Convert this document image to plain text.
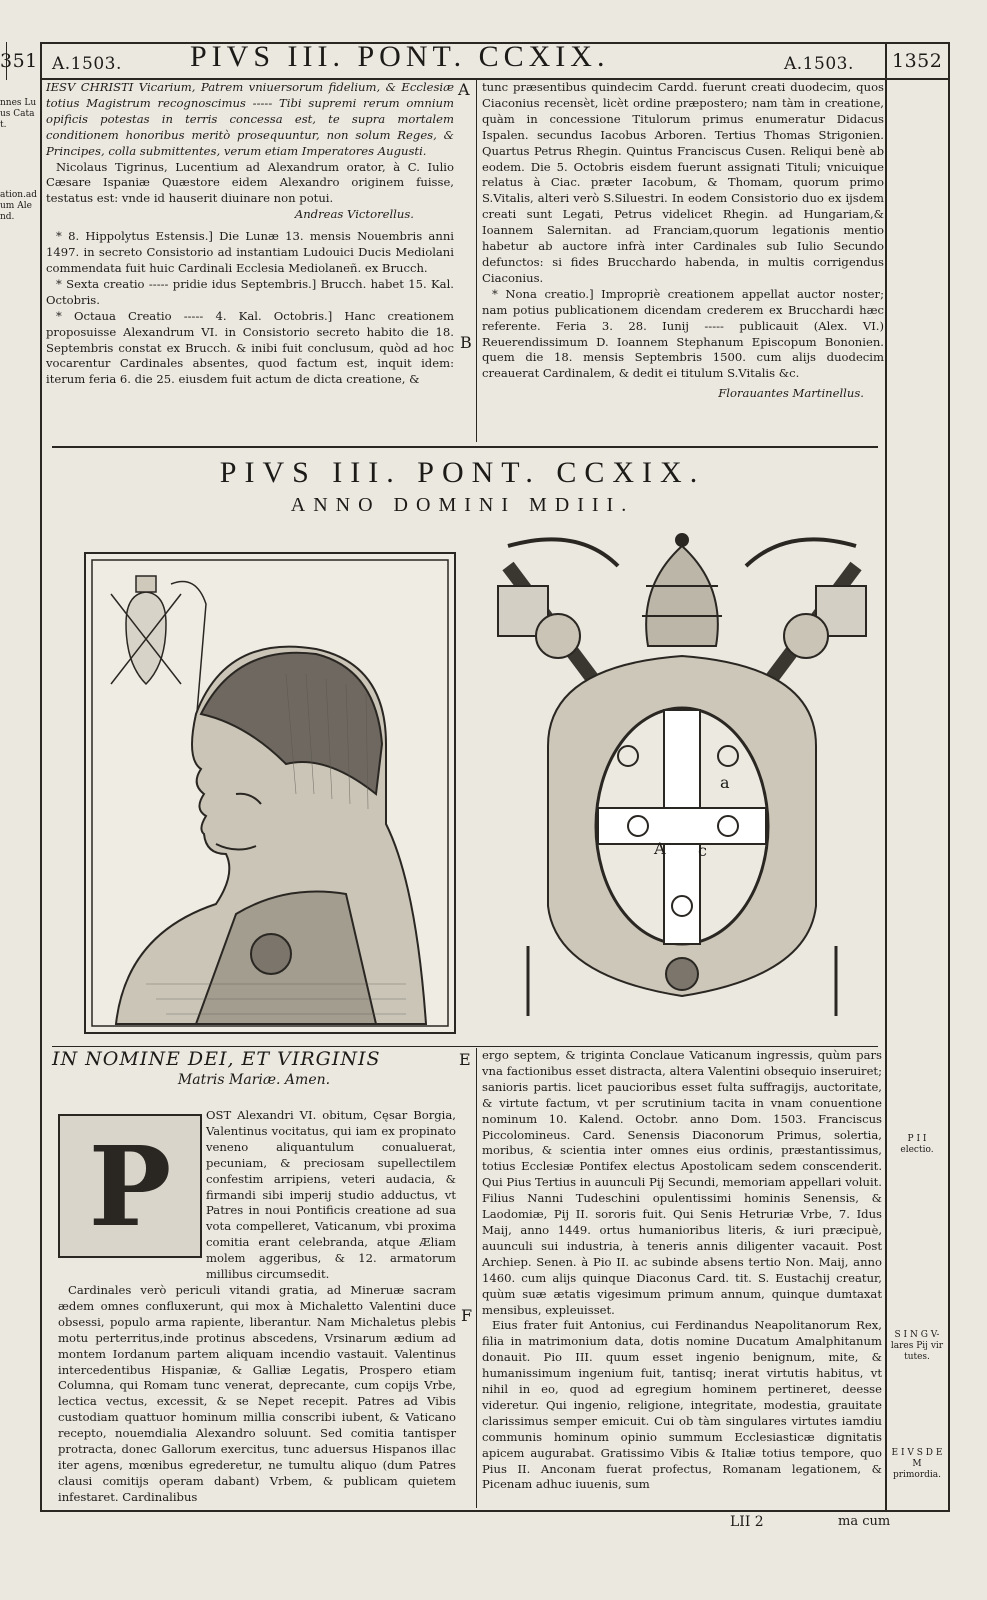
351 A.1503. PIVS III. PONT. CCXIX.	A.1503. 1352
nnes Lu
us Cata
t.
ation.ad
um Ale
nd.
A
B

IESV CHRISTI Vicarium, Patrem vniuersorum fidelium, & Ecclesiæ totius Magistrum recognoscimus ----- Tibi supremi rerum omnium opificis potestas in terris concessa est, te supra mortalem conditionem honoribus meritò prosequuntur, non solum Reges, & Principes, colla submittentes, verum etiam Imperatores Augusti.

Nicolaus Tigrinus, Lucentium ad Alexandrum orator, à C. Iulio Cæsare Ispaniæ Quæstore eidem Alexandro originem fuisse, testatus est: vnde id hauserit diuinare non potui.

Andreas Victorellus.

* 8. Hippolytus Estensis.] Die Lunæ 13. mensis Nouembris anni 1497. in secreto Consistorio ad instantiam Ludouici Ducis Mediolani commendata fuit huic Cardinali Ecclesia Mediolaneñ. ex Brucch.

* Sexta creatio ----- pridie idus Septembris.] Brucch. habet 15. Kal. Octobris.

* Octaua Creatio ----- 4. Kal. Octobris.] Hanc creationem proposuisse Alexandrum VI. in Consistorio secreto habito die 18. Septembris constat ex Brucch. & inibi fuit conclusum, quòd ad hoc vocarentur Cardinales absentes, quod factum est, inquit idem: iterum feria 6. die 25. eiusdem fuit actum de dicta creatione, &

tunc præsentibus quindecim Cardd. fuerunt creati duodecim, quos Ciaconius recensèt, licèt ordine præpostero; nam tàm in creatione, quàm in concessione Titulorum primus enumeratur Didacus Ispalen. secundus Iacobus Arboren. Tertius Thomas Strigonien. Quartus Petrus Rhegin. Quintus Franciscus Cusen. Reliqui benè ab eodem. Die 5. Octobris eisdem fuerunt assignati Tituli; vnicuique relatus à Ciac. præter Iacobum, & Thomam, quorum primo S.Vitalis, alteri verò S.Siluestri. In eodem Consistorio duo ex ijsdem creati sunt Legati, Petrus videlicet Rhegin. ad Hungariam,& Ioannem Salernitan. ad Franciam,quorum legationis mentio habetur ab auctore infrà inter Cardinales sub Iulio Secundo defunctos: si fides Brucchardo habenda, in multis corrigendus Ciaconius.

* Nona creatio.] Impropriè creationem appellat auctor noster; nam potius publicationem dicendam crederem ex Brucchardi hæc referente. Feria 3. 28. Iunij ----- publicauit (Alex. VI.) Reuerendissimum D. Ioannem Stephanum Episcopum Bononien. quem die 18. mensis Septembris 1500. cum alijs duodecim creauerat Cardinalem, & dedit ei titulum S.Vitalis &c.

Florauantes Martinellus.
PIVS III. PONT. CCXIX.
ANNO DOMINI MDIII.
a
A c
E
F
IN NOMINE DEI, ET VIRGINIS
Matris Mariæ. Amen.
P
OST Alexandri VI. obitum, Cęsar Borgia, Valentinus vocitatus, qui iam ex propinato veneno aliquantulum conualuerat, pecuniam, & preciosam supellectilem confestim arripiens, veteri audacia, & firmandi sibi imperij studio adductus, vt Patres in noui Pontificis creatione ad sua vota compelleret, Vaticanum, vbi proxima comitia erant celebranda, atque Æliam molem aggeribus, & 12. armatorum millibus circumsedit.

Cardinales verò periculi vitandi gratia, ad Mineruæ sacram ædem omnes confluxerunt, qui mox à Michaletto Valentini duce obsessi, populo arma rapiente, liberantur. Nam Michaletus plebis motu perterritus,inde protinus abscedens, Vrsinarum ædium ad montem Iordanum partem aliquam incendio vastauit. Valentinus intercedentibus Hispaniæ, & Galliæ Legatis, Prospero etiam Columna, qui Romam tunc venerat, deprecante, cum copijs Vrbe, lectica vectus, excessit, & se Nepet recepit. Patres ad Vibis custodiam quattuor hominum millia conscribi iubent, & Vaticano recepto, nouemdialia Alexandro soluunt. Sed comitia tantisper protracta, donec Gallorum exercitus, tunc aduersus Hispanos illac iter agens, mœnibus egrederetur, ne tumultu aliquo (dum Patres clausi comitijs operam dabant) Vrbem, & publicam quietem infestaret. Cardinalibus

ergo septem, & triginta Conclaue Vaticanum ingressis, quùm pars vna factionibus esset distracta, altera Valentini obsequio inseruiret; sanioris partis. licet paucioribus esset fulta suffragijs, auctoritate, & virtute factum, vt per scrutinium tacita in vnam conuentione nominum 10. Kalend. Octobr. anno Dom. 1503. Franciscus Piccolomineus. Card. Senensis Diaconorum Primus, solertia, moribus, & scientia inter omnes eius ordinis, præstantissimus, totius Ecclesiæ Pontifex electus Apostolicam sedem conscenderit. Qui Pius Tertius in auunculi Pij Secundi, memoriam appellari voluit. Filius Nanni Tudeschini opulentissimi hominis Senensis, & Laodomiæ, Pij II. sororis fuit. Qui Senis Hetruriæ Vrbe, 7. Idus Maij, anno 1449. ortus humanioribus literis, & iuri præcipuè, auunculi sui industria, à teneris annis diligenter vacauit. Post Archiep. Senen. à Pio II. ac subinde absens tertio Non. Maij, anno 1460. cum alijs quinque Diaconus Card. tit. S. Eustachij creatur, quùm suæ ætatis vigesimum primum annum, quinque dumtaxat mensibus, expleuisset.

Eius frater fuit Antonius, cui Ferdinandus Neapolitanorum Rex, filia in matrimonium data, dotis nomine Ducatum Amalphitanum donauit. Pio III. quum esset ingenio benignum, mite, & humanissimum ingenium fuit, tantisq; inerat virtutis habitus, vt nihil in eo, quod ad egregium hominem pertineret, deesse videretur. Qui ingenio, religione, integritate, modestia, grauitate clarissimus semper emicuit. Cui ob tàm singulares virtutes iamdiu communis hominum opinio summum Ecclesiasticæ dignitatis apicem augurabat. Gratissimo Vibis & Italiæ totius tempore, quo Pius II. Anconam fuerat profectus, Romanam legationem, & Picenam adhuc iuuenis, sum

P I I
electio.
S I N G V-
lares Pij vir
tutes.
E I V S D E M
primordia.
LII 2	ma cum
